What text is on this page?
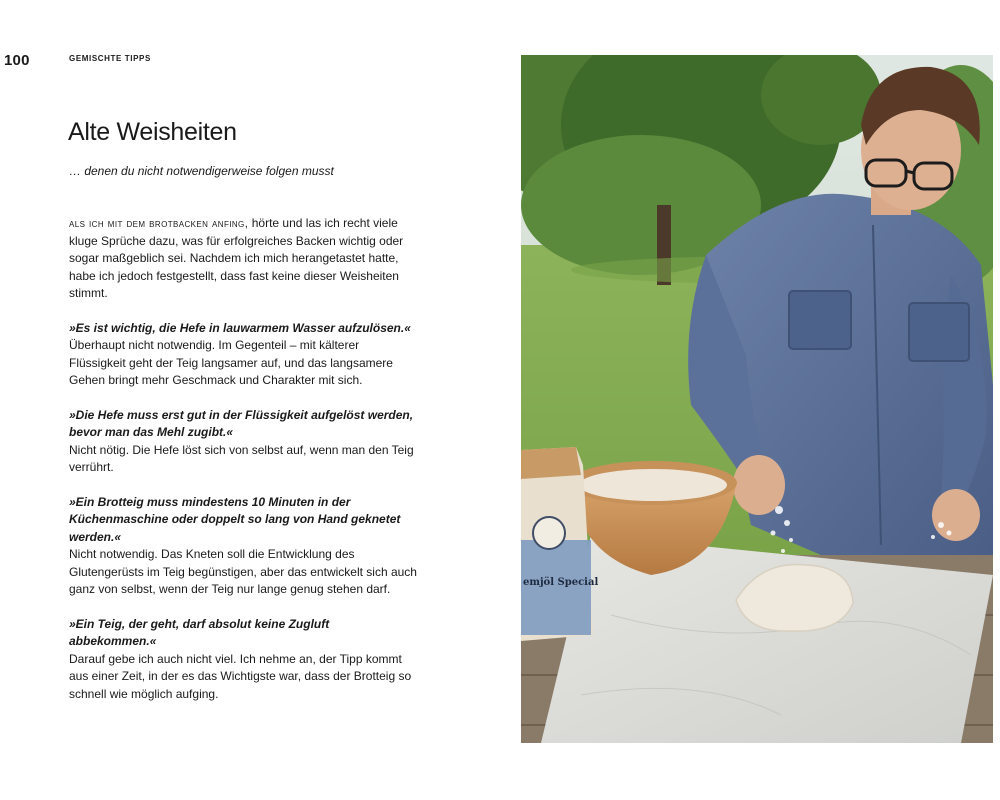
100	GEMISCHTE TIPPS
Alte Weisheiten

… denen du nicht notwendigerweise folgen musst

als ich mit dem brotbacken anfing, hörte und las ich recht viele kluge Sprüche dazu, was für erfolgreiches Backen wichtig oder sogar maßgeblich sei. Nachdem ich mich herangetastet hatte, habe ich jedoch festgestellt, dass fast keine dieser Weisheiten stimmt.

»Es ist wichtig, die Hefe in lauwarmem Wasser aufzulösen.«
Überhaupt nicht notwendig. Im Gegenteil – mit kälterer Flüssigkeit geht der Teig langsamer auf, und das langsamere Gehen bringt mehr Geschmack und Charakter mit sich.

»Die Hefe muss erst gut in der Flüssigkeit aufgelöst werden, bevor man das Mehl zugibt.«
Nicht nötig. Die Hefe löst sich von selbst auf, wenn man den Teig verrührt.

»Ein Brotteig muss mindestens 10 Minuten in der Küchenmaschine oder doppelt so lang von Hand geknetet werden.«
Nicht notwendig. Das Kneten soll die Entwicklung des Glutengerüsts im Teig begünstigen, aber das entwickelt sich auch ganz von selbst, wenn der Teig nur lange genug stehen darf.

»Ein Teig, der geht, darf absolut keine Zugluft abbekommen.«
Darauf gebe ich auch nicht viel. Ich nehme an, der Tipp kommt aus einer Zeit, in der es das Wichtigste war, dass der Brotteig so schnell wie möglich aufging.

emjöl Special
